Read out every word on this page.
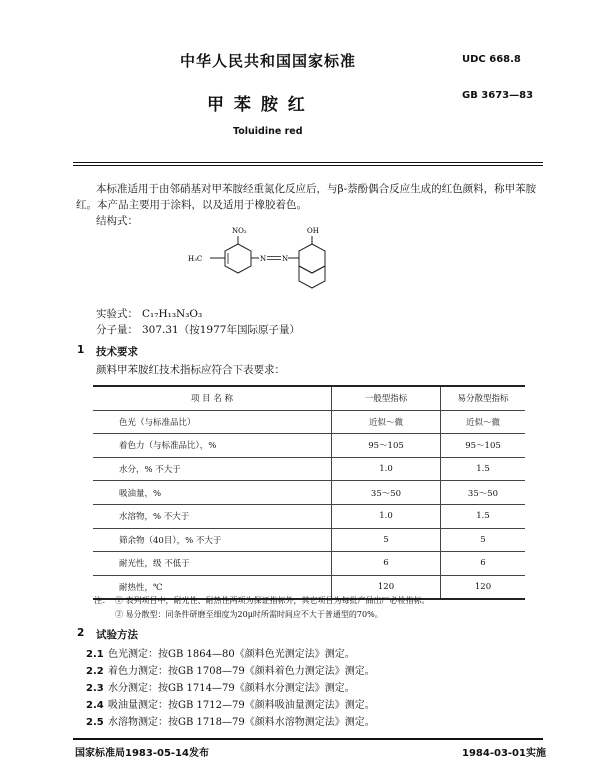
中华人民共和国国家标准	UDC 668.8
甲 苯 胺 红	GB 3673—83
Toluidine red
本标准适用于由邻硝基对甲苯胺经重氮化反应后，与β-萘酚偶合反应生成的红色颜料，称甲苯胺
红。本产品主要用于涂料，以及适用于橡胶着色。
结构式：
NO₂
H₃C	N N
OH
实验式： C₁₇H₁₃N₃O₃
分子量： 307.31（按1977年国际原子量）
1 技术要求
颜料甲苯胺红技术指标应符合下表要求：
项 目 名 称	一般型指标	易分散型指标
色光（与标准品比）	近似～微	近似～微
着色力（与标准品比），%	95～105	95～105
水分，% 不大于	1.0	1.5
吸油量，%	35～50	35～50
水溶物，% 不大于	1.0	1.5
筛余物（40目），% 不大于	5	5
耐光性，级 不低于	6	6
耐热性，℃	120	120
注： ① 表列项目中，耐光性、耐热性两项为保证指标外，其它项目为每批产品出厂必检指标。
② 易分散型：同条件研磨至细度为20μ时所需时间应不大于普通型的70%。
2 试验方法
2.1 色光测定：按GB 1864—80《颜料色光测定法》测定。
2.2 着色力测定：按GB 1708—79《颜料着色力测定法》测定。
2.3 水分测定：按GB 1714—79《颜料水分测定法》测定。
2.4 吸油量测定：按GB 1712—79《颜料吸油量测定法》测定。
2.5 水溶物测定：按GB 1718—79《颜料水溶物测定法》测定。
国家标准局1983-05-14发布	1984-03-01实施
